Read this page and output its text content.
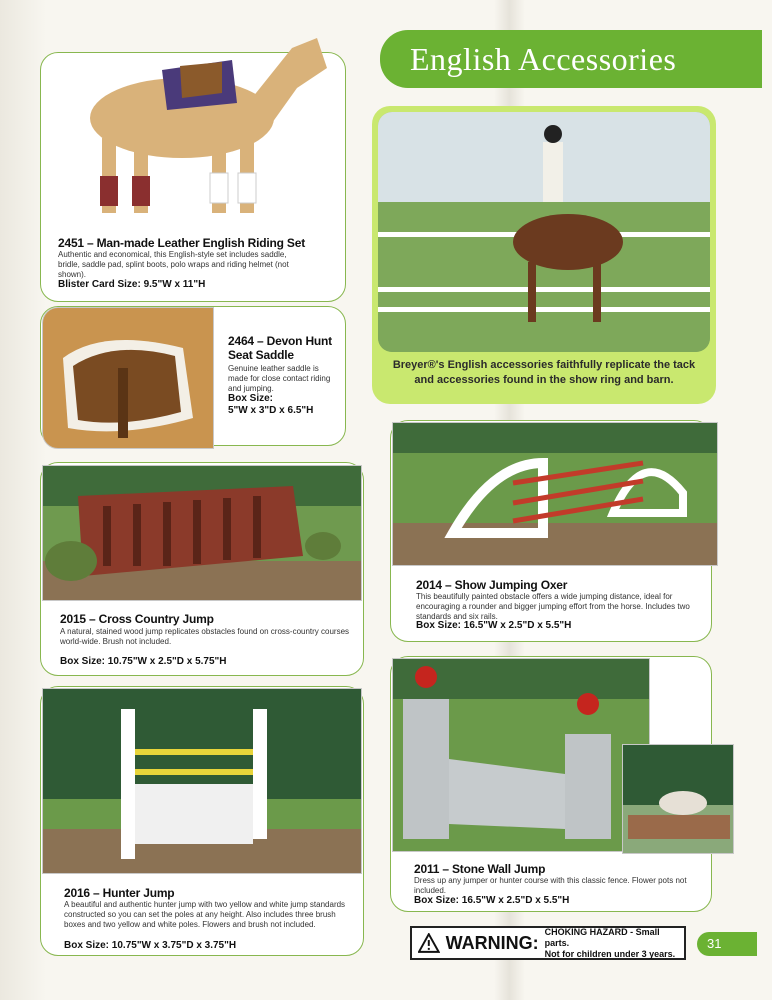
English Accessories
2451 – Man-made Leather English Riding Set
Authentic and economical, this English-style set includes saddle, bridle, saddle pad, splint boots, polo wraps and riding helmet (not shown).
Blister Card Size: 9.5"W x 11"H
2464 – Devon Hunt
Seat Saddle
Genuine leather saddle is made for close contact riding and jumping.
Box Size:
5"W x 3"D x 6.5"H
2015 – Cross Country Jump
A natural, stained wood jump replicates obstacles found on cross-country courses world-wide. Brush not included.
Box Size: 10.75"W x 2.5"D x 5.75"H
2016 – Hunter Jump
A beautiful and authentic hunter jump with two yellow and white jump standards constructed so you can set the poles at any height. Also includes three brush boxes and two yellow and white poles. Flowers and brush not included.
Box Size: 10.75"W x 3.75"D x 3.75"H
Breyer®'s English accessories faithfully replicate the tack and accessories found in the show ring and barn.
2014 – Show Jumping Oxer
This beautifully painted obstacle offers a wide jumping distance, ideal for encouraging a rounder and bigger jumping effort from the horse. Includes two standards and six rails.
Box Size: 16.5"W x 2.5"D x 5.5"H
2011 – Stone Wall Jump
Dress up any jumper or hunter course with this classic fence. Flower pots not included.
Box Size: 16.5"W x 2.5"D x 5.5"H
WARNING:
CHOKING HAZARD - Small parts.
Not for children under 3 years.
31
